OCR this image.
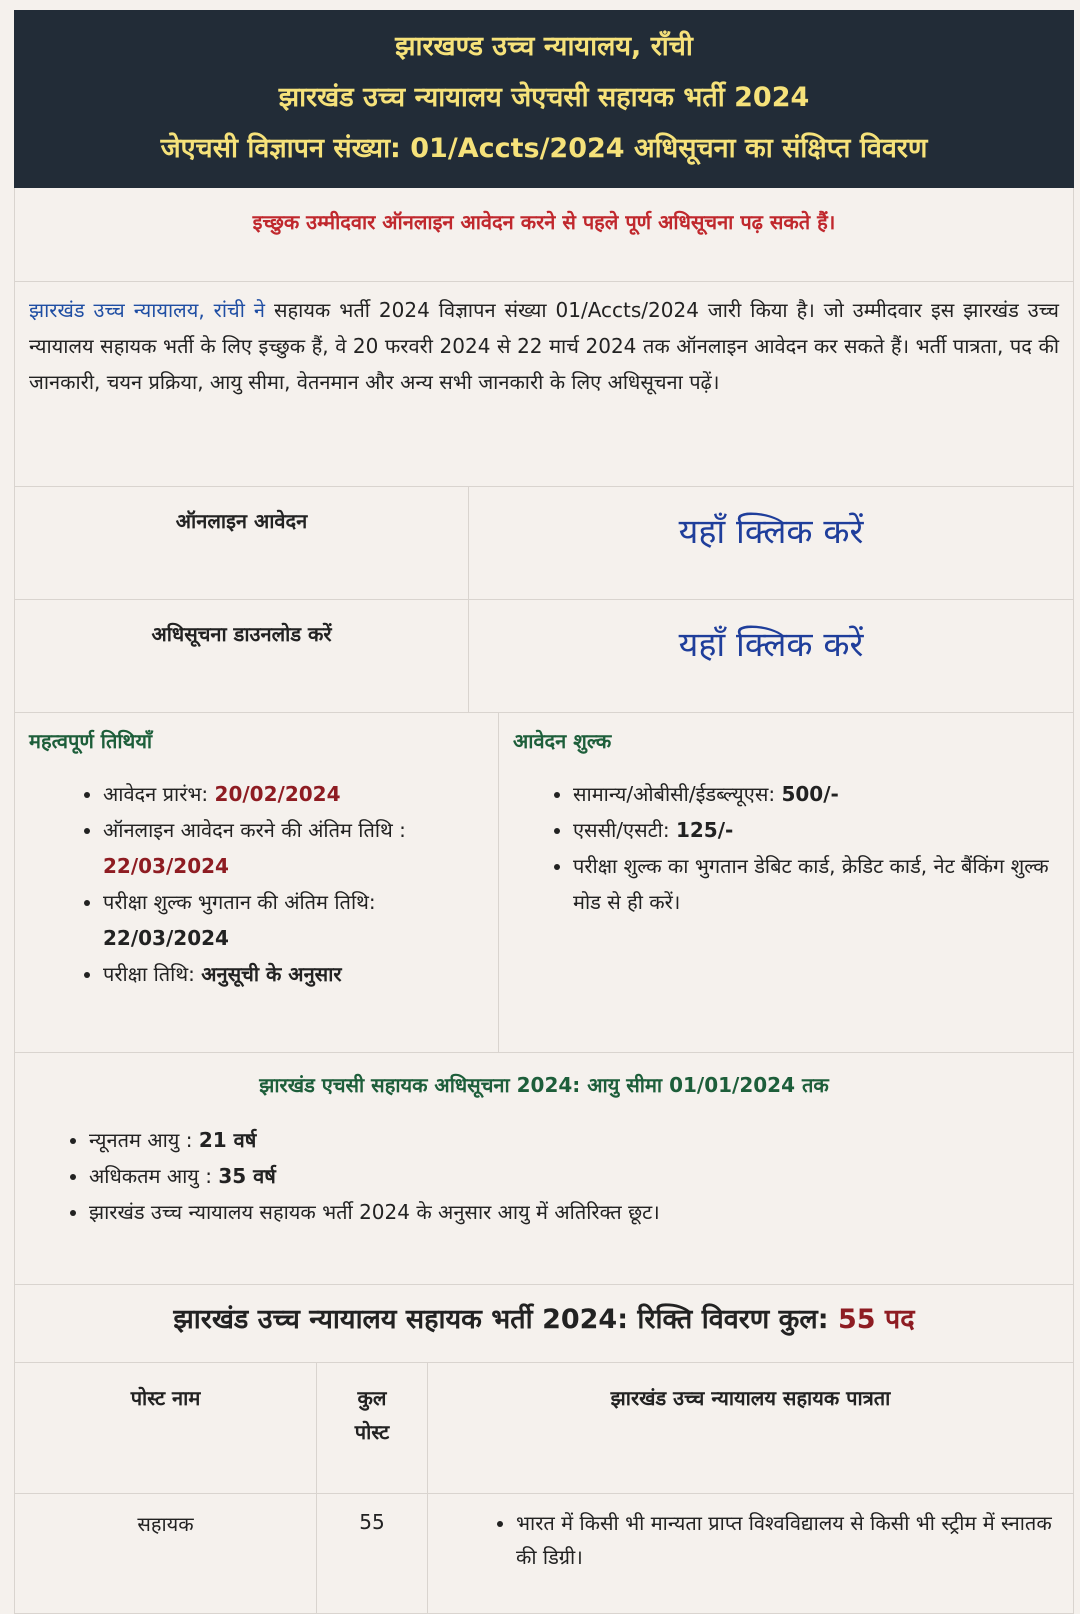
झारखण्ड उच्च न्यायालय, राँची
झारखंड उच्च न्यायालय जेएचसी सहायक भर्ती 2024
जेएचसी विज्ञापन संख्या: 01/Accts/2024 अधिसूचना का संक्षिप्त विवरण
इच्छुक उम्मीदवार ऑनलाइन आवेदन करने से पहले पूर्ण अधिसूचना पढ़ सकते हैं।
झारखंड उच्च न्यायालय, रांची ने सहायक भर्ती 2024 विज्ञापन संख्या 01/Accts/2024 जारी किया है। जो उम्मीदवार इस झारखंड उच्च न्यायालय सहायक भर्ती के लिए इच्छुक हैं, वे 20 फरवरी 2024 से 22 मार्च 2024 तक ऑनलाइन आवेदन कर सकते हैं। भर्ती पात्रता, पद की जानकारी, चयन प्रक्रिया, आयु सीमा, वेतनमान और अन्य सभी जानकारी के लिए अधिसूचना पढ़ें।
ऑनलाइन आवेदन	यहाँ क्लिक करें
अधिसूचना डाउनलोड करें	यहाँ क्लिक करें
महत्वपूर्ण तिथियाँ
• आवेदन प्रारंभ: 20/02/2024
• ऑनलाइन आवेदन करने की अंतिम तिथि : 22/03/2024
• परीक्षा शुल्क भुगतान की अंतिम तिथि: 22/03/2024
• परीक्षा तिथि: अनुसूची के अनुसार
आवेदन शुल्क
• सामान्य/ओबीसी/ईडब्ल्यूएस: 500/-
• एससी/एसटी: 125/-
• परीक्षा शुल्क का भुगतान डेबिट कार्ड, क्रेडिट कार्ड, नेट बैंकिंग शुल्क मोड से ही करें।
झारखंड एचसी सहायक अधिसूचना 2024: आयु सीमा 01/01/2024 तक
• न्यूनतम आयु : 21 वर्ष
• अधिकतम आयु : 35 वर्ष
• झारखंड उच्च न्यायालय सहायक भर्ती 2024 के अनुसार आयु में अतिरिक्त छूट।
झारखंड उच्च न्यायालय सहायक भर्ती 2024: रिक्ति विवरण कुल: 55 पद
पोस्ट नाम	कुल पोस्ट
झारखंड उच्च न्यायालय सहायक पात्रता
सहायक	55
•	भारत में किसी भी मान्यता प्राप्त विश्वविद्यालय से किसी भी स्ट्रीम में स्नातक की डिग्री।
